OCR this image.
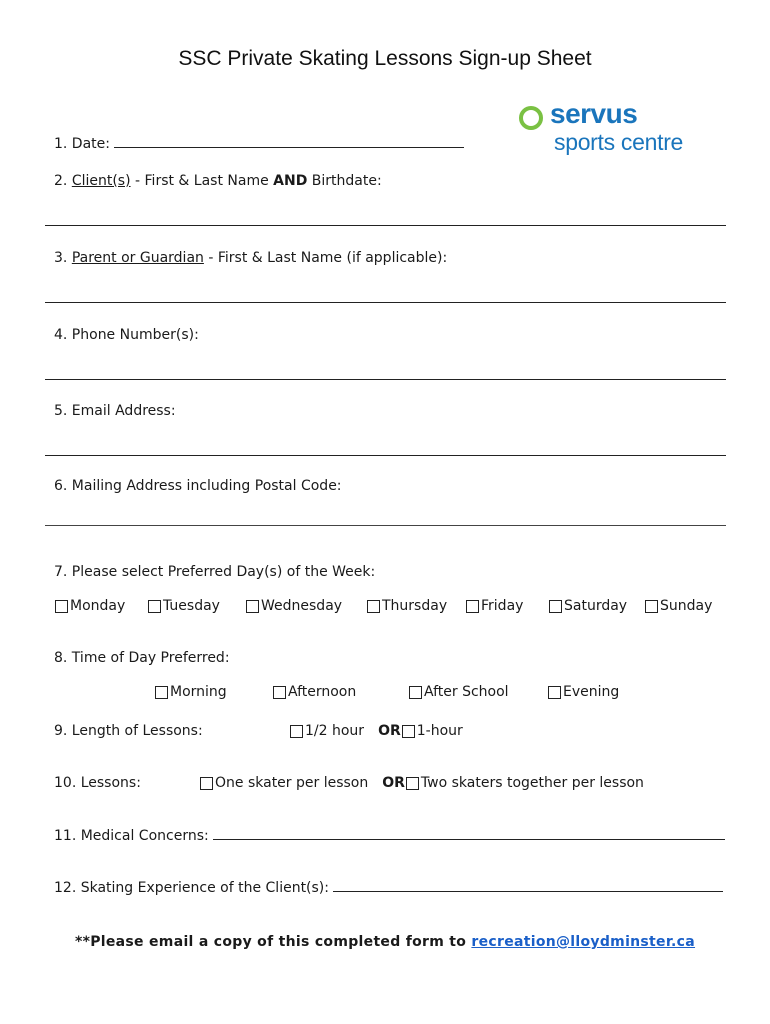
SSC Private Skating Lessons Sign-up Sheet
servus
sports centre
1. Date:
2. Client(s) - First & Last Name AND Birthdate:
3. Parent or Guardian - First & Last Name (if applicable):
4. Phone Number(s):
5. Email Address:
6. Mailing Address including Postal Code:
7. Please select Preferred Day(s) of the Week:
Monday	Tuesday	Wednesday	Thursday Friday	Saturday Sunday
8. Time of Day Preferred:
Morning	Afternoon	After School	Evening
9. Length of Lessons:	1/2 hour OR 1-hour
10. Lessons:	One skater per lesson OR Two skaters together per lesson
11. Medical Concerns:
12. Skating Experience of the Client(s):
**Please email a copy of this completed form to recreation@lloydminster.ca
